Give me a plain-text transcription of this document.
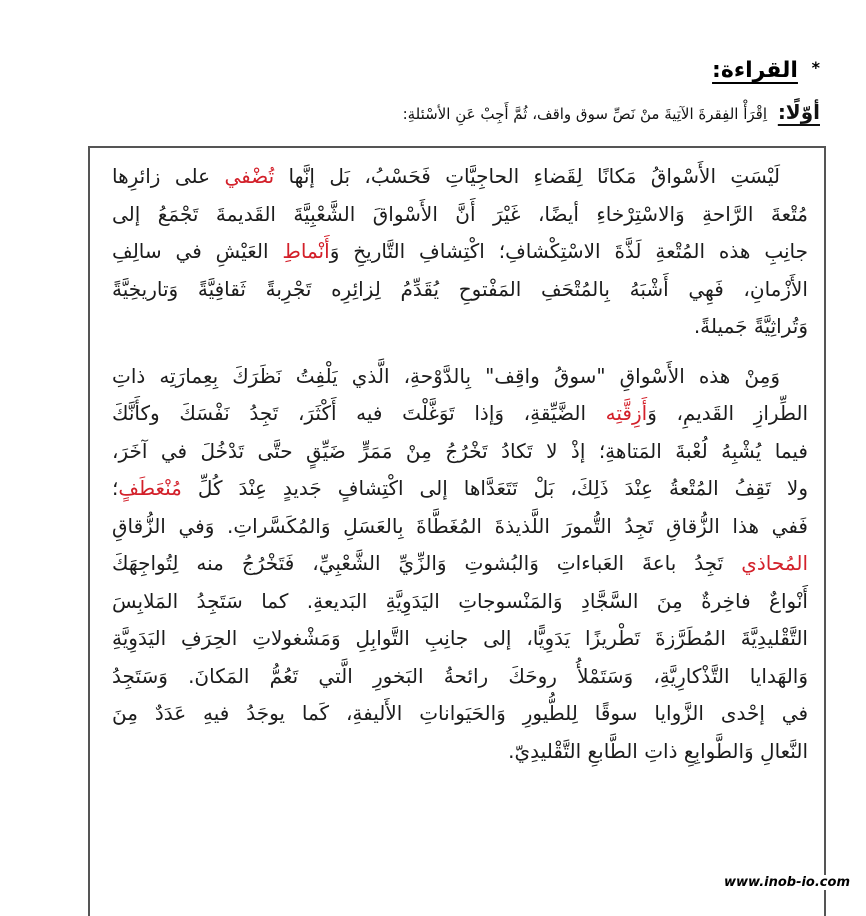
* القراءة:
أوّلًا: اِقْرَأْ الفِقرةَ الآتِيةَ منْ نَصِّ سوق واقف، ثُمَّ أَجِبْ عَنِ الأسْئلةِ:
لَيْسَتِ الأَسْواقُ مَكانًا لِقَضاءِ الحاجِيَّاتِ فَحَسْبُ، بَل إنَّها تُضْفي على زائرِها
مُتْعةَ الرَّاحةِ وَالاسْتِرْخاءِ أيضًا، غَيْرَ أَنَّ الأَسْواقَ الشَّعْبِيَّةَ القَديمةَ تَجْمَعُ إلى
جانِبِ هذه المُتْعةِ لَذَّةَ الاسْتِكْشافِ؛ اكْتِشافِ التَّاريخِ وَأَنْماطِ العَيْشِ في سالِفِ
الأَزْمانِ، فَهِي أَشْبَهُ بِالمُتْحَفِ المَفْتوحِ يُقَدِّمُ لِزائِرِه تَجْرِبةً ثَقافِيَّةً وَتاريخِيَّةً
وَتُراثِيَّةً جَميلةً.
وَمِنْ هذه الأَسْواقِ "سوقُ واقِف" بِالدَّوْحةِ، الَّذي يَلْفِتُ نَظَرَكَ بِعِمارَتِه ذاتِ
الطِّرازِ القَديمِ، وَأَزِقَّتِه الضَّيِّقةِ، وَإذا تَوَغَّلْتَ فيه أَكْثَرَ، تَجِدُ نَفْسَكَ وكأَنَّكَ
فيما يُشْبِهُ لُعْبةَ المَتاهةِ؛ إذْ لا تَكادُ تَخْرُجُ مِنْ مَمَرٍّ ضَيِّقٍ حتَّى تَدْخُلَ في آخَرَ،
ولا تَقِفُ المُتْعةُ عِنْدَ ذَلِكَ، بَلْ تَتَعَدَّاها إلى اكْتِشافٍ جَديدٍ عِنْدَ كُلِّ مُنْعَطَفٍ؛
فَفي هذا الزُّقاقِ تَجِدُ التُّمورَ اللَّذيذةَ المُغَطَّاةَ بِالعَسَلِ وَالمُكَسَّراتِ. وَفي الزُّقاقِ
المُحاذي تَجِدُ باعةَ العَباءاتِ وَالبُشوتِ وَالزِّيِّ الشَّعْبِيِّ، فَتَخْرُجُ منه لِتُواجِهَكَ
أَنْواعٌ فاخِرةٌ مِنَ السَّجَّادِ وَالمَنْسوجاتِ اليَدَوِيَّةِ البَديعةِ. كما سَتَجِدُ المَلابِسَ
التَّقْليدِيَّةَ المُطَرَّزةَ تَطْريزًا يَدَوِيًّا، إلى جانِبِ التَّوابِلِ وَمَشْغولاتِ الحِرَفِ اليَدَوِيَّةِ
وَالهَدايا التَّذْكارِيَّةِ، وَسَتَمْلأُ روحَكَ رائحةُ البَخورِ الَّتي تَعُمُّ المَكانَ. وَسَتَجِدُ
في إحْدى الزَّوايا سوقًا لِلطُّيورِ وَالحَيَواناتِ الأَليفةِ، كَما يوجَدُ فيهِ عَدَدٌ مِنَ
النَّعالِ وَالطَّوابِعِ ذاتِ الطَّابعِ التَّقْليدِيّ.
www.inob-io.com
